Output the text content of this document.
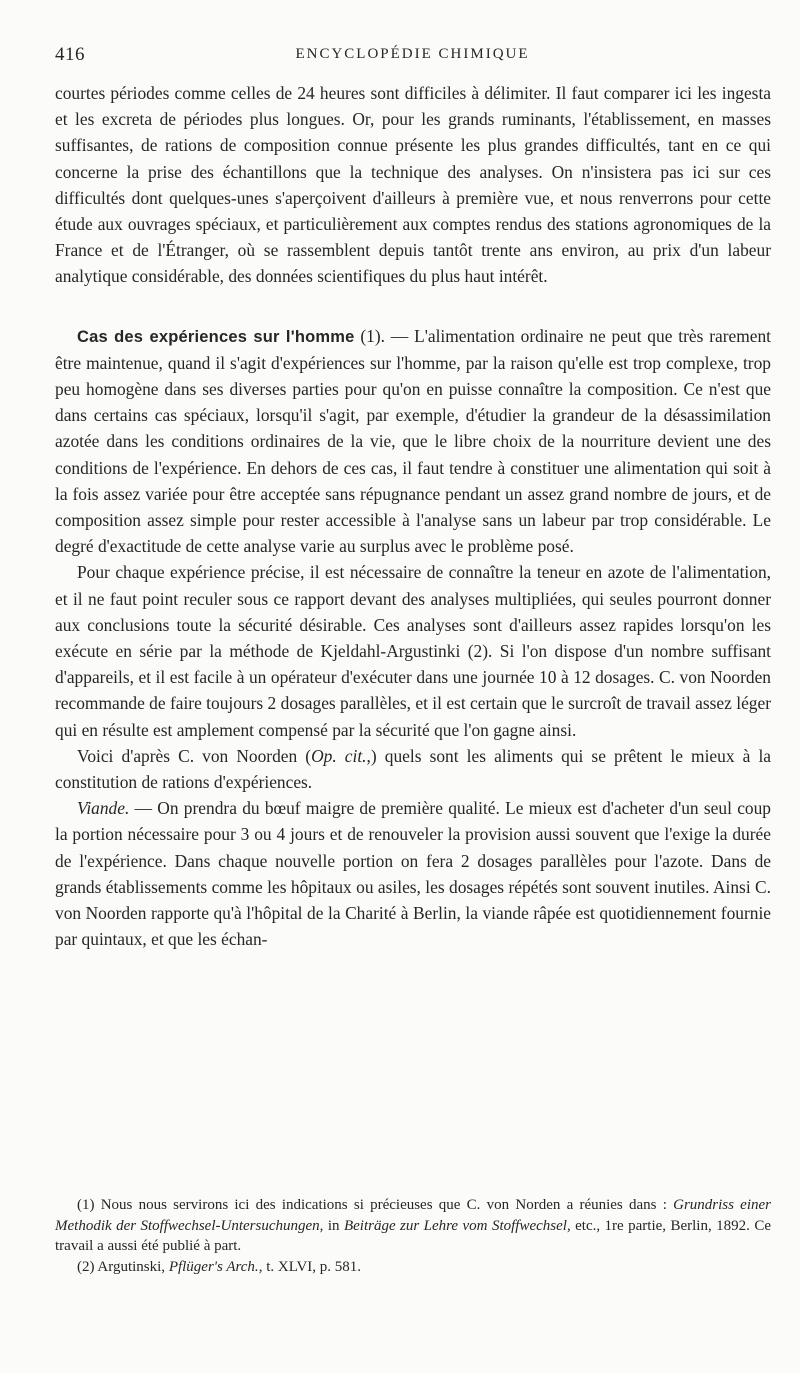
416	ENCYCLOPÉDIE CHIMIQUE

courtes périodes comme celles de 24 heures sont difficiles à délimiter. Il faut comparer ici les ingesta et les excreta de périodes plus longues. Or, pour les grands ruminants, l'établissement, en masses suffisantes, de rations de composition connue présente les plus grandes difficultés, tant en ce qui concerne la prise des échantillons que la technique des analyses. On n'insistera pas ici sur ces difficultés dont quelques-unes s'aperçoivent d'ailleurs à première vue, et nous renverrons pour cette étude aux ouvrages spéciaux, et particulièrement aux comptes rendus des stations agronomiques de la France et de l'Étranger, où se rassemblent depuis tantôt trente ans environ, au prix d'un labeur analytique considérable, des données scientifiques du plus haut intérêt.

Cas des expériences sur l'homme (1). — L'alimentation ordinaire ne peut que très rarement être maintenue, quand il s'agit d'expériences sur l'homme, par la raison qu'elle est trop complexe, trop peu homogène dans ses diverses parties pour qu'on en puisse connaître la composition. Ce n'est que dans certains cas spéciaux, lorsqu'il s'agit, par exemple, d'étudier la grandeur de la désassimilation azotée dans les conditions ordinaires de la vie, que le libre choix de la nourriture devient une des conditions de l'expérience. En dehors de ces cas, il faut tendre à constituer une alimentation qui soit à la fois assez variée pour être acceptée sans répugnance pendant un assez grand nombre de jours, et de composition assez simple pour rester accessible à l'analyse sans un labeur par trop considérable. Le degré d'exactitude de cette analyse varie au surplus avec le problème posé.

Pour chaque expérience précise, il est nécessaire de connaître la teneur en azote de l'alimentation, et il ne faut point reculer sous ce rapport devant des analyses multipliées, qui seules pourront donner aux conclusions toute la sécurité désirable. Ces analyses sont d'ailleurs assez rapides lorsqu'on les exécute en série par la méthode de Kjeldahl-Argustinki (2). Si l'on dispose d'un nombre suffisant d'appareils, et il est facile à un opérateur d'exécuter dans une journée 10 à 12 dosages. C. von Noorden recommande de faire toujours 2 dosages parallèles, et il est certain que le surcroît de travail assez léger qui en résulte est amplement compensé par la sécurité que l'on gagne ainsi.

Voici d'après C. von Noorden (Op. cit.,) quels sont les aliments qui se prêtent le mieux à la constitution de rations d'expériences.

Viande. — On prendra du bœuf maigre de première qualité. Le mieux est d'acheter d'un seul coup la portion nécessaire pour 3 ou 4 jours et de renouveler la provision aussi souvent que l'exige la durée de l'expérience. Dans chaque nouvelle portion on fera 2 dosages parallèles pour l'azote. Dans de grands établissements comme les hôpitaux ou asiles, les dosages répétés sont souvent inutiles. Ainsi C. von Noorden rapporte qu'à l'hôpital de la Charité à Berlin, la viande râpée est quotidiennement fournie par quintaux, et que les échan-

(1) Nous nous servirons ici des indications si précieuses que C. von Norden a réunies dans : Grundriss einer Methodik der Stoffwechsel-Untersuchungen, in Beiträge zur Lehre vom Stoffwechsel, etc., 1re partie, Berlin, 1892. Ce travail a aussi été publié à part.

(2) Argutinski, Pflüger's Arch., t. XLVI, p. 581.
